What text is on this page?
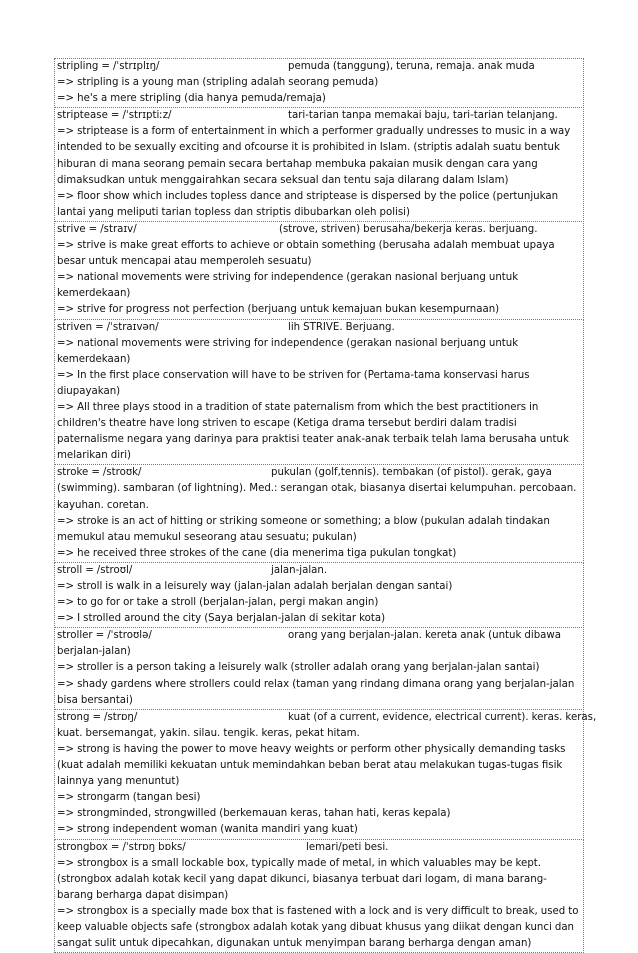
stripling = /ˈstrɪplɪŋ/	pemuda (tanggung), teruna, remaja. anak muda
=> stripling is a young man (stripling adalah seorang pemuda)
=> he's a mere stripling (dia hanya pemuda/remaja)
striptease = /ˈstrɪptiːz/	tari-tarian tanpa memakai baju, tari-tarian telanjang.
=> striptease is a form of entertainment in which a performer gradually undresses to music in a way intended to be sexually exciting and ofcourse it is prohibited in Islam. (striptis adalah suatu bentuk hiburan di mana seorang pemain secara bertahap membuka pakaian musik dengan cara yang dimaksudkan untuk menggairahkan secara seksual dan tentu saja dilarang dalam Islam)
=> floor show which includes topless dance and striptease is dispersed by the police (pertunjukan lantai yang meliputi tarian topless dan striptis dibubarkan oleh polisi)
strive = /straɪv/	(strove, striven) berusaha/bekerja keras. berjuang.
=> strive is make great efforts to achieve or obtain something (berusaha adalah membuat upaya besar untuk mencapai atau memperoleh sesuatu)
=> national movements were striving for independence (gerakan nasional berjuang untuk kemerdekaan)
=> strive for progress not perfection (berjuang untuk kemajuan bukan kesempurnaan)
striven = /ˈstraɪvən/	lih STRIVE. Berjuang.
=> national movements were striving for independence (gerakan nasional berjuang untuk kemerdekaan)
=> In the first place conservation will have to be striven for (Pertama-tama konservasi harus diupayakan)
=> All three plays stood in a tradition of state paternalism from which the best practitioners in children's theatre have long striven to escape (Ketiga drama tersebut berdiri dalam tradisi paternalisme negara yang darinya para praktisi teater anak-anak terbaik telah lama berusaha untuk melarikan diri)
stroke = /stroʊk/	pukulan (golf,tennis). tembakan (of pistol). gerak, gaya
(swimming). sambaran (of lightning). Med.: serangan otak, biasanya disertai kelumpuhan. percobaan. kayuhan. coretan.
=> stroke is an act of hitting or striking someone or something; a blow (pukulan adalah tindakan memukul atau memukul seseorang atau sesuatu; pukulan)
=> he received three strokes of the cane (dia menerima tiga pukulan tongkat)
stroll = /stroʊl/	jalan-jalan.
=> stroll is walk in a leisurely way (jalan-jalan adalah berjalan dengan santai)
=> to go for or take a stroll (berjalan-jalan, pergi makan angin)
=> I strolled around the city (Saya berjalan-jalan di sekitar kota)
stroller = /ˈstroʊlə/	orang yang berjalan-jalan. kereta anak (untuk dibawa
berjalan-jalan)
=> stroller is a person taking a leisurely walk (stroller adalah orang yang berjalan-jalan santai)
=> shady gardens where strollers could relax (taman yang rindang dimana orang yang berjalan-jalan bisa bersantai)
strong = /strɒŋ/	kuat (of a current, evidence, electrical current). keras. keras,
kuat. bersemangat, yakin. silau. tengik. keras, pekat hitam.
=> strong is having the power to move heavy weights or perform other physically demanding tasks (kuat adalah memiliki kekuatan untuk memindahkan beban berat atau melakukan tugas-tugas fisik lainnya yang menuntut)
=> strongarm (tangan besi)
=> strongminded, strongwilled (berkemauan keras, tahan hati, keras kepala)
=> strong independent woman (wanita mandiri yang kuat)
strongbox = /ˈstrɒŋ bɒks/	lemari/peti besi.
=> strongbox is a small lockable box, typically made of metal, in which valuables may be kept. (strongbox adalah kotak kecil yang dapat dikunci, biasanya terbuat dari logam, di mana barang-barang berharga dapat disimpan)
=> strongbox is a specially made box that is fastened with a lock and is very difficult to break, used to keep valuable objects safe (strongbox adalah kotak yang dibuat khusus yang diikat dengan kunci dan sangat sulit untuk dipecahkan, digunakan untuk menyimpan barang berharga dengan aman)
